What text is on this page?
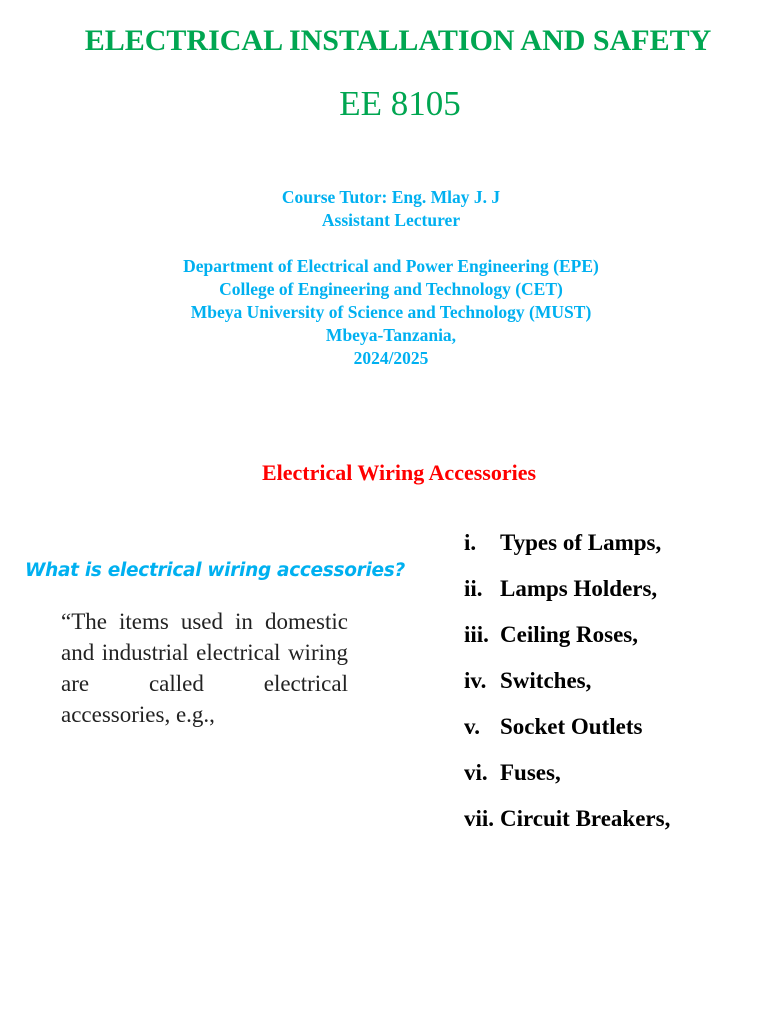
ELECTRICAL INSTALLATION AND SAFETY
EE 8105
Course Tutor: Eng. Mlay J. J
Assistant Lecturer
Department of Electrical and Power Engineering (EPE)
College of Engineering and Technology (CET)
Mbeya University of Science and Technology (MUST)
Mbeya-Tanzania,
2024/2025
Electrical Wiring Accessories

What is electrical wiring accessories?

“The items used in domestic and industrial electrical wiring are called electrical accessories, e.g.,

i.	Types of Lamps,
ii. Lamps Holders,
iii. Ceiling Roses,
iv. Switches,
v. Socket Outlets
vi. Fuses,
vii. Circuit Breakers,
